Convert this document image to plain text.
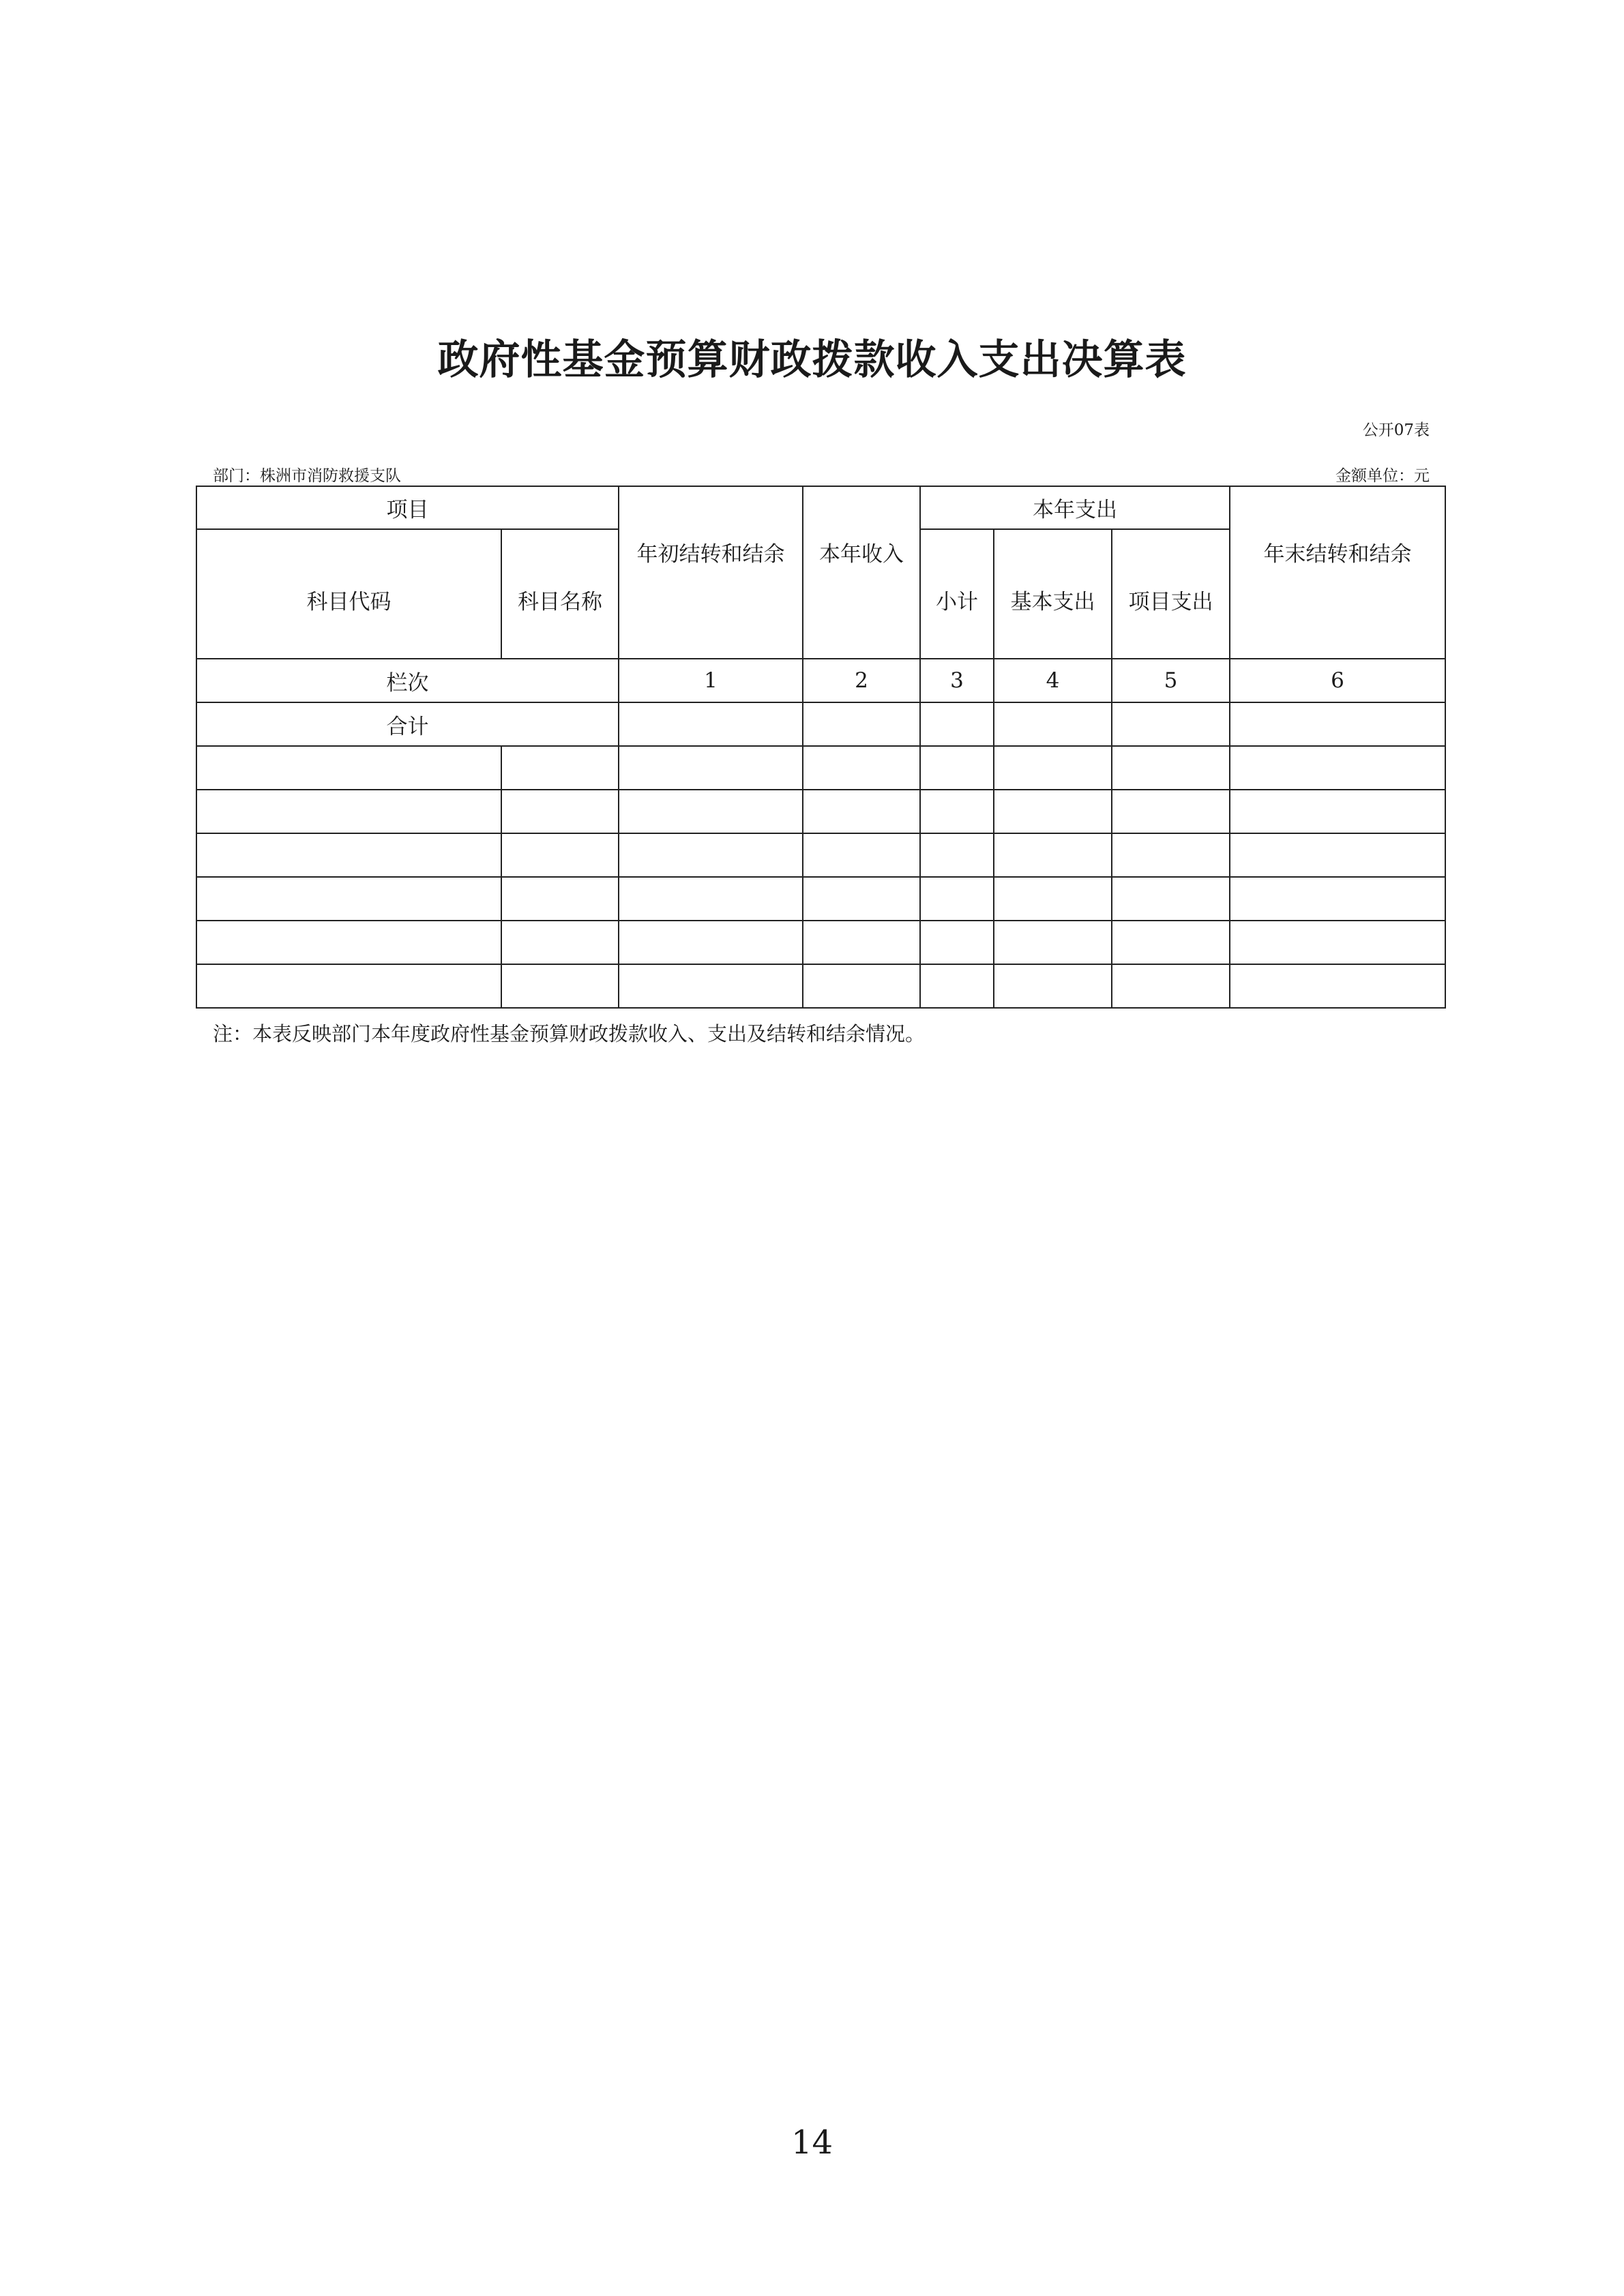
政府性基金预算财政拨款收入支出决算表
公开07表
部门：株洲市消防救援支队	金额单位：元
项目		年初结转和结余	本年收入	本年支出			年末结转和结余
科目代码	科目名称			小计	基本支出	项目支出	
栏次		1	2	3	4	5	6
合计							

注：本表反映部门本年度政府性基金预算财政拨款收入、支出及结转和结余情况。
14
